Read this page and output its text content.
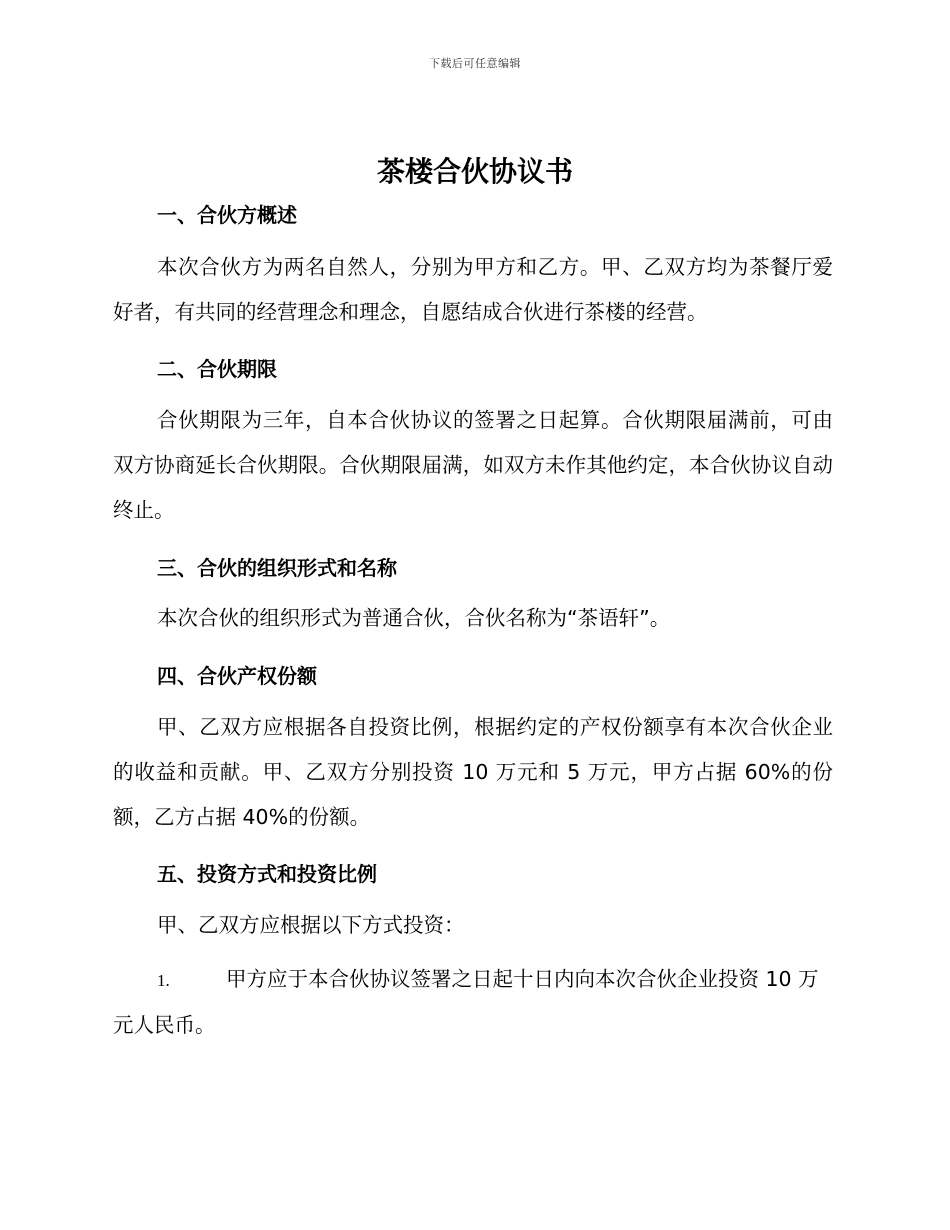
下载后可任意编辑
茶楼合伙协议书
一、合伙方概述

本次合伙方为两名自然人，分别为甲方和乙方。甲、乙双方均为茶餐厅爱好者，有共同的经营理念和理念，自愿结成合伙进行茶楼的经营。

二、合伙期限

合伙期限为三年，自本合伙协议的签署之日起算。合伙期限届满前，可由双方协商延长合伙期限。合伙期限届满，如双方未作其他约定，本合伙协议自动终止。

三、合伙的组织形式和名称

本次合伙的组织形式为普通合伙，合伙名称为“茶语轩”。

四、合伙产权份额

甲、乙双方应根据各自投资比例，根据约定的产权份额享有本次合伙企业的收益和贡献。甲、乙双方分别投资 10 万元和 5 万元，甲方占据 60%的份额，乙方占据 40%的份额。

五、投资方式和投资比例

甲、乙双方应根据以下方式投资：

1.	甲方应于本合伙协议签署之日起十日内向本次合伙企业投资 10 万元人民币。
